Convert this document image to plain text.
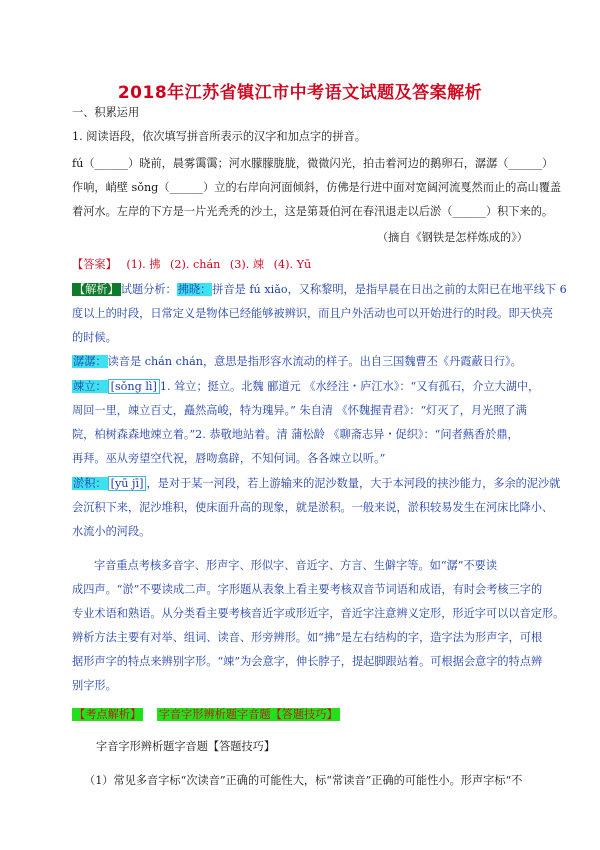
2018年江苏省镇江市中考语文试题及答案解析
一、积累运用
1. 阅读语段，依次填写拼音所表示的汉字和加点字的拼音。
fú（______）晓前，晨雾霭霭；河水朦朦胧胧，微微闪光，拍击着河边的鹅卵石，潺潺（______）
作响，峭壁 sǒng（______）立的右岸向河面倾斜，仿佛是行进中面对宽阔河流戛然而止的高山覆盖
着河水。左岸的下方是一片光秃秃的沙土，这是第聂伯河在春汛退走以后淤（______）积下来的。
（摘自《钢铁是怎样炼成的》）
【答案】 (1). 拂 (2). chán (3). 竦 (4). Yū
【解析】 试题分析：拂晓：拼音是 fú xiǎo，又称黎明，是指早晨在日出之前的太阳已在地平线下 6
度以上的时段，日常定义是物体已经能够被辨识，而且户外活动也可以开始进行的时段。即天快亮
的时候。
潺潺：读音是 chán chán，意思是指形容水流动的样子。出自三国魏曹丕《丹霞蔽日行》。
竦立： [sǒng lì] 1. 耸立；挺立。北魏 郦道元 《水经注・庐江水》：“又有孤石，介立大湖中，
周回一里，竦立百丈，矗然高峻，特为瑰异。” 朱自清 《怀魏握青君》：“灯灭了，月光照了满
院，柏树森森地竦立着。”2. 恭敬地站着。清 蒲松龄 《聊斋志异・促织》：“问者爇香於鼎，
再拜。巫从旁望空代祝，唇吻翕辟，不知何词。各各竦立以听。”
淤积： [yū jī] ，是对于某一河段，若上游输来的泥沙数量，大于本河段的挟沙能力，多余的泥沙就
会沉积下来，泥沙堆积，使床面升高的现象，就是淤积。一般来说，淤积较易发生在河床比降小、
水流小的河段。
字音重点考核多音字、形声字、形似字、音近字、方言、生僻字等。如“潺”不要读
成四声。“淤”不要读成二声。字形题从表象上看主要考核双音节词语和成语，有时会考核三字的
专业术语和熟语。从分类看主要考核音近字或形近字，音近字注意辨义定形，形近字可以以音定形。
辨析方法主要有对举、组词、读音、形旁辨形。如“拂”是左右结构的字，造字法为形声字，可根
据形声字的特点来辨别字形。“竦”为会意字，伸长脖子，提起脚跟站着。可根据会意字的特点辨
别字形。
【考点解析】 字音字形辨析题字音题【答题技巧】
字音字形辨析题字音题【答题技巧】
（1）常见多音字标“次读音”正确的可能性大，标“常读音”正确的可能性小。形声字标“不
